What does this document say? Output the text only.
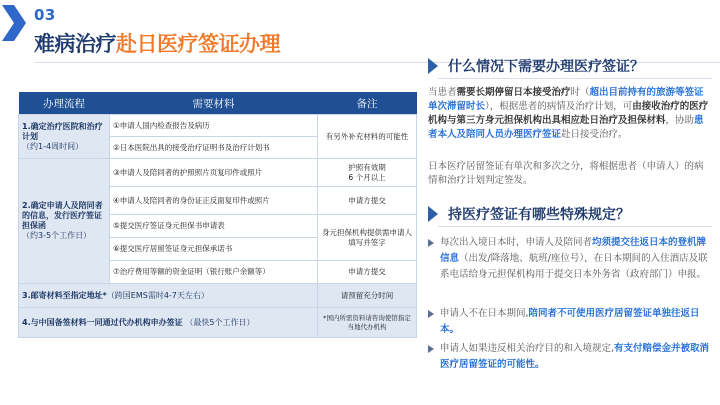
03
难病治疗赴日医疗签证办理
办理流程	需要材料	备注
1.确定治疗医院和治疗计划
（约1-4周时间）	①申请人国内检查报告及病历	有另外补充材料的可能性
	②日本医院出具的接受治疗证明书及治疗计划书	
2.确定申请人及陪同者的信息，发行医疗签证担保函
（约3-5个工作日）	③申请人及陪同者的护照照片页复印件或照片	护照有效期
6 个月以上
	④申请人及陪同者的身份证正反面复印件或照片	申请方提交
	⑤提交医疗签证身元担保书申请表	身元担保机构提供需申请人填写并签字
	⑥提交医疗居留签证身元担保承诺书	
	⑦治疗费用等额的资金证明（银行账户余额等）	申请方提交
3.邮寄材料至指定地址*（跨国EMS需时4-7天左右）		请预留充分时间
4.与中国备签材料一同通过代办机构申办签证 （最快5个工作日）		*国内所需资料请咨询使馆指定当地代办机构
什么情况下需要办理医疗签证？
当患者需要长期停留日本接受治疗时（超出目前持有的旅游等签证单次滞留时长），根据患者的病情及治疗计划，可由接收治疗的医疗机构与第三方身元担保机构出具相应赴日治疗及担保材料，协助患者本人及陪同人员办理医疗签证赴日接受治疗。
日本医疗居留签证有单次和多次之分，将根据患者（申请人）的病情和治疗计划判定签发。
持医疗签证有哪些特殊规定？
每次出入境日本时，申请人及陪同者均须提交往返日本的登机牌信息（出发/降落地、航班/座位号），在日本期间的入住酒店及联系电话给身元担保机构用于提交日本外务省（政府部门）申报。
申请人不在日本期间,陪同者不可使用医疗居留签证单独往返日本。
申请人如果违反相关治疗目的和入境规定,有支付赔偿金并被取消医疗居留签证的可能性。
